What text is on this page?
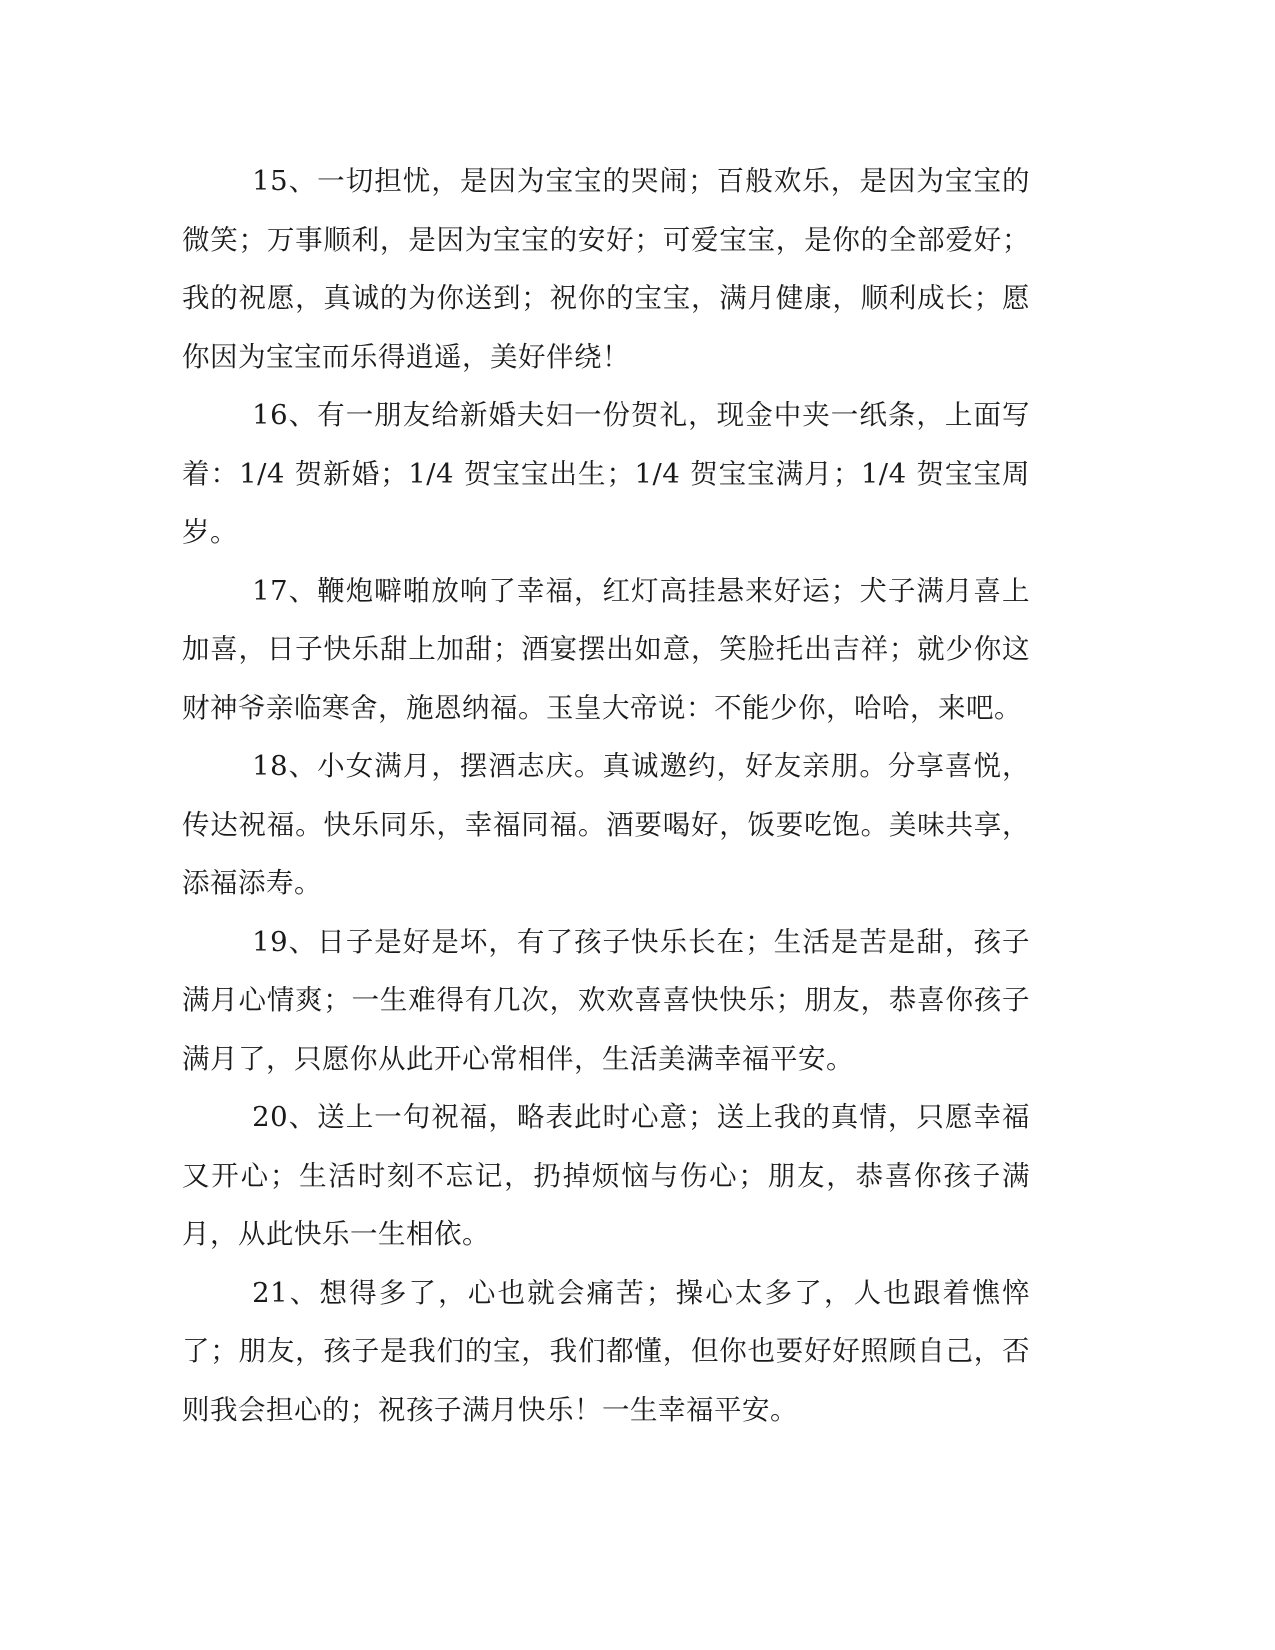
15、一切担忧，是因为宝宝的哭闹；百般欢乐，是因为宝宝的微笑；万事顺利，是因为宝宝的安好；可爱宝宝，是你的全部爱好；我的祝愿，真诚的为你送到；祝你的宝宝，满月健康，顺利成长；愿你因为宝宝而乐得逍遥，美好伴绕！

16、有一朋友给新婚夫妇一份贺礼，现金中夹一纸条，上面写着：1/4 贺新婚；1/4 贺宝宝出生；1/4 贺宝宝满月；1/4 贺宝宝周岁。

17、鞭炮噼啪放响了幸福，红灯高挂悬来好运；犬子满月喜上加喜，日子快乐甜上加甜；酒宴摆出如意，笑脸托出吉祥；就少你这财神爷亲临寒舍，施恩纳福。玉皇大帝说：不能少你，哈哈，来吧。

18、小女满月，摆酒志庆。真诚邀约，好友亲朋。分享喜悦，传达祝福。快乐同乐，幸福同福。酒要喝好，饭要吃饱。美味共享，添福添寿。

19、日子是好是坏，有了孩子快乐长在；生活是苦是甜，孩子满月心情爽；一生难得有几次，欢欢喜喜快快乐；朋友，恭喜你孩子满月了，只愿你从此开心常相伴，生活美满幸福平安。

20、送上一句祝福，略表此时心意；送上我的真情，只愿幸福又开心；生活时刻不忘记，扔掉烦恼与伤心；朋友，恭喜你孩子满月，从此快乐一生相依。

21、想得多了，心也就会痛苦；操心太多了，人也跟着憔悴了；朋友，孩子是我们的宝，我们都懂，但你也要好好照顾自己，否则我会担心的；祝孩子满月快乐！一生幸福平安。
